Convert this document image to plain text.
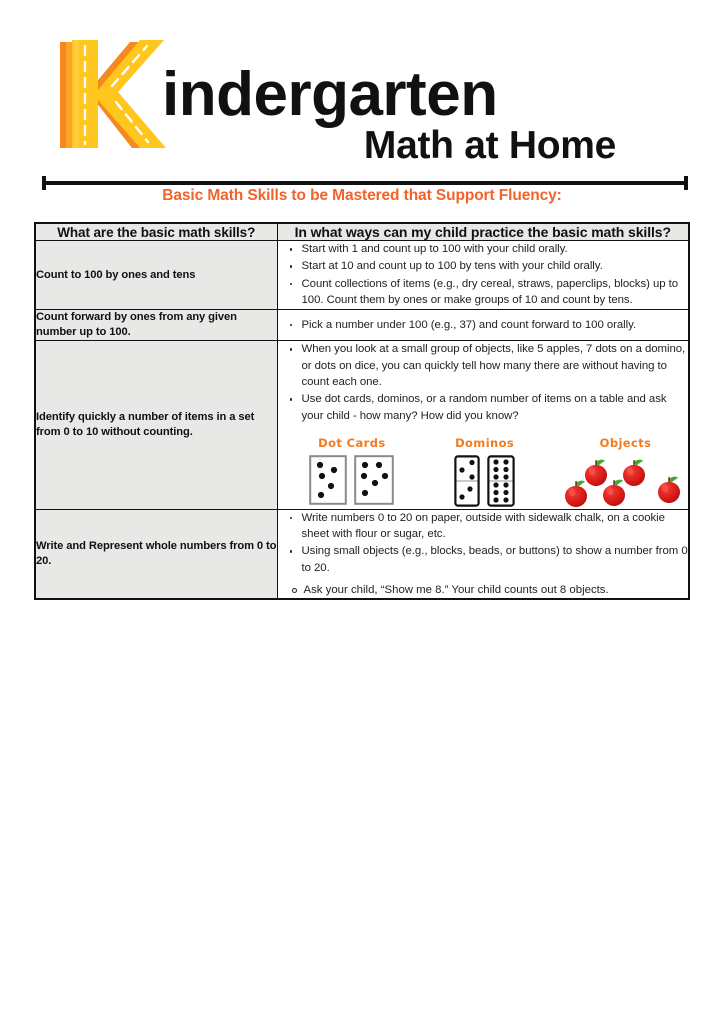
indergarten
Math at Home
Basic Math Skills to be Mastered that Support Fluency:
What are the basic math skills?	In what ways can my child practice the basic math skills?
Count to 100 by ones and tens	
Start with 1 and count up to 100 with your child orally.
Start at 10 and count up to 100 by tens with your child orally.
Count collections of items (e.g., dry cereal, straws, paperclips, blocks) up to 100. Count them by ones or make groups of 10 and count by tens.

Count forward by ones from any given number up to 100.	
Pick a number under 100 (e.g., 37) and count forward to 100 orally.

Identify quickly a number of items in a set from 0 to 10 without counting.	
When you look at a small group of objects, like 5 apples, 7 dots on a domino, or dots on dice, you can quickly tell how many there are without having to count each one.
Use dot cards, dominos, or a random number of items on a table and ask your child - how many? How did you know?
Dot Cards	Dominos	Objects

Write and Represent whole numbers from 0 to 20.	
Write numbers 0 to 20 on paper, outside with sidewalk chalk, on a cookie sheet with flour or sugar, etc.
Using small objects (e.g., blocks, beads, or buttons) to show a number from 0 to 20.
Ask your child, “Show me 8.” Your child counts out 8 objects.
